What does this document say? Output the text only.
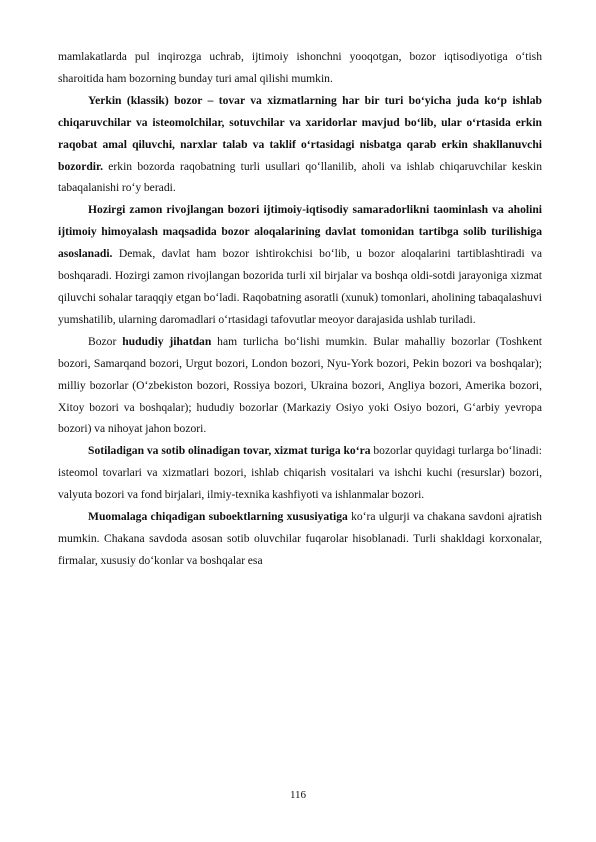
mamlakatlarda pul inqirozga uchrab, ijtimoiy ishonchni yooqotgan, bozor iqtisodiyotiga oʻtish sharoitida ham bozorning bunday turi amal qilishi mumkin.

Yerkin (klassik) bozor – tovar va xizmatlarning har bir turi boʻyicha juda koʻp ishlab chiqaruvchilar va isteomolchilar, sotuvchilar va xaridorlar mavjud boʻlib, ular oʻrtasida erkin raqobat amal qiluvchi, narxlar talab va taklif oʻrtasidagi nisbatga qarab erkin shakllanuvchi bozordir. erkin bozorda raqobatning turli usullari qoʻllanilib, aholi va ishlab chiqaruvchilar keskin tabaqalanishi roʻy beradi.

Hozirgi zamon rivojlangan bozori ijtimoiy-iqtisodiy samaradorlikni taominlash va aholini ijtimoiy himoyalash maqsadida bozor aloqalarining davlat tomonidan tartibga solib turilishiga asoslanadi. Demak, davlat ham bozor ishtirokchisi boʻlib, u bozor aloqalarini tartiblashtiradi va boshqaradi. Hozirgi zamon rivojlangan bozorida turli xil birjalar va boshqa oldi-sotdi jarayoniga xizmat qiluvchi sohalar taraqqiy etgan boʻladi. Raqobatning asoratli (xunuk) tomonlari, aholining tabaqalashuvi yumshatilib, ularning daromadlari oʻrtasidagi tafovutlar meoyor darajasida ushlab turiladi.

Bozor hududiy jihatdan ham turlicha boʻlishi mumkin. Bular mahalliy bozorlar (Toshkent bozori, Samarqand bozori, Urgut bozori, London bozori, Nyu-York bozori, Pekin bozori va boshqalar); milliy bozorlar (Oʻzbekiston bozori, Rossiya bozori, Ukraina bozori, Angliya bozori, Amerika bozori, Xitoy bozori va boshqalar); hududiy bozorlar (Markaziy Osiyo yoki Osiyo bozori, Gʻarbiy yevropa bozori) va nihoyat jahon bozori.

Sotiladigan va sotib olinadigan tovar, xizmat turiga koʻra bozorlar quyidagi turlarga boʻlinadi: isteomol tovarlari va xizmatlari bozori, ishlab chiqarish vositalari va ishchi kuchi (resurslar) bozori, valyuta bozori va fond birjalari, ilmiy-texnika kashfiyoti va ishlanmalar bozori.

Muomalaga chiqadigan suboektlarning xususiyatiga koʻra ulgurji va chakana savdoni ajratish mumkin. Chakana savdoda asosan sotib oluvchilar fuqarolar hisoblanadi. Turli shakldagi korxonalar, firmalar, xususiy doʻkonlar va boshqalar esa

116
